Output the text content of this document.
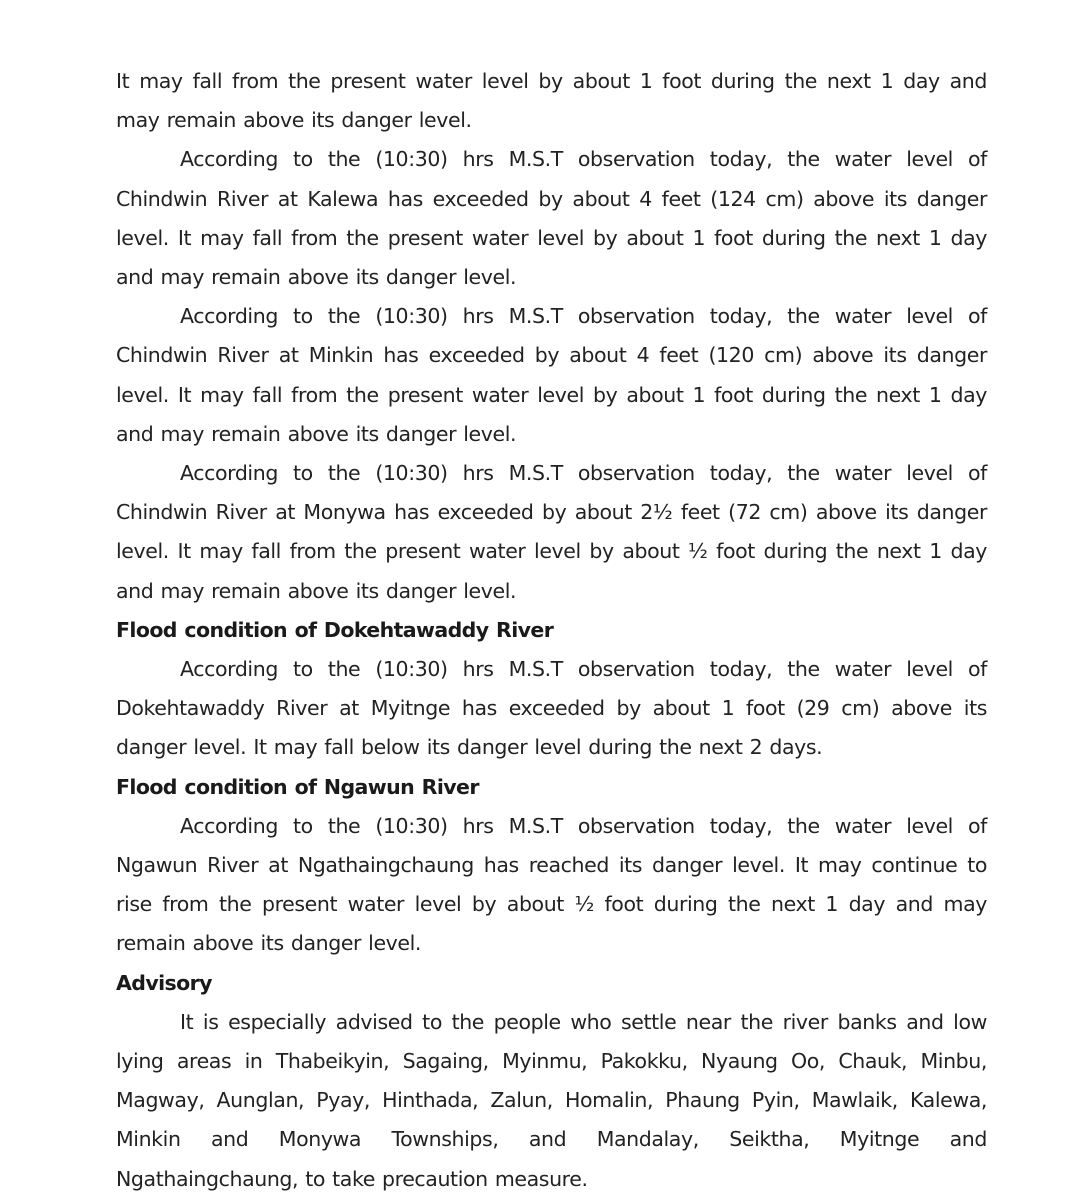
It may fall from the present water level by about 1 foot during the next 1 day and may remain above its danger level.

According to the (10:30) hrs M.S.T observation today, the water level of Chindwin River at Kalewa has exceeded by about 4 feet (124 cm) above its danger level. It may fall from the present water level by about 1 foot during the next 1 day and may remain above its danger level.

According to the (10:30) hrs M.S.T observation today, the water level of Chindwin River at Minkin has exceeded by about 4 feet (120 cm) above its danger level. It may fall from the present water level by about 1 foot during the next 1 day and may remain above its danger level.

According to the (10:30) hrs M.S.T observation today, the water level of Chindwin River at Monywa has exceeded by about 2½ feet (72 cm) above its danger level. It may fall from the present water level by about ½ foot during the next 1 day and may remain above its danger level.

Flood condition of Dokehtawaddy River

According to the (10:30) hrs M.S.T observation today, the water level of Dokehtawaddy River at Myitnge has exceeded by about 1 foot (29 cm) above its danger level. It may fall below its danger level during the next 2 days.

Flood condition of Ngawun River

According to the (10:30) hrs M.S.T observation today, the water level of Ngawun River at Ngathaingchaung has reached its danger level. It may continue to rise from the present water level by about ½ foot during the next 1 day and may remain above its danger level.

Advisory

It is especially advised to the people who settle near the river banks and low lying areas in Thabeikyin, Sagaing, Myinmu, Pakokku, Nyaung Oo, Chauk, Minbu, Magway, Aunglan, Pyay, Hinthada, Zalun, Homalin, Phaung Pyin, Mawlaik, Kalewa, Minkin and Monywa Townships, and Mandalay, Seiktha, Myitnge and Ngathaingchaung, to take precaution measure.
